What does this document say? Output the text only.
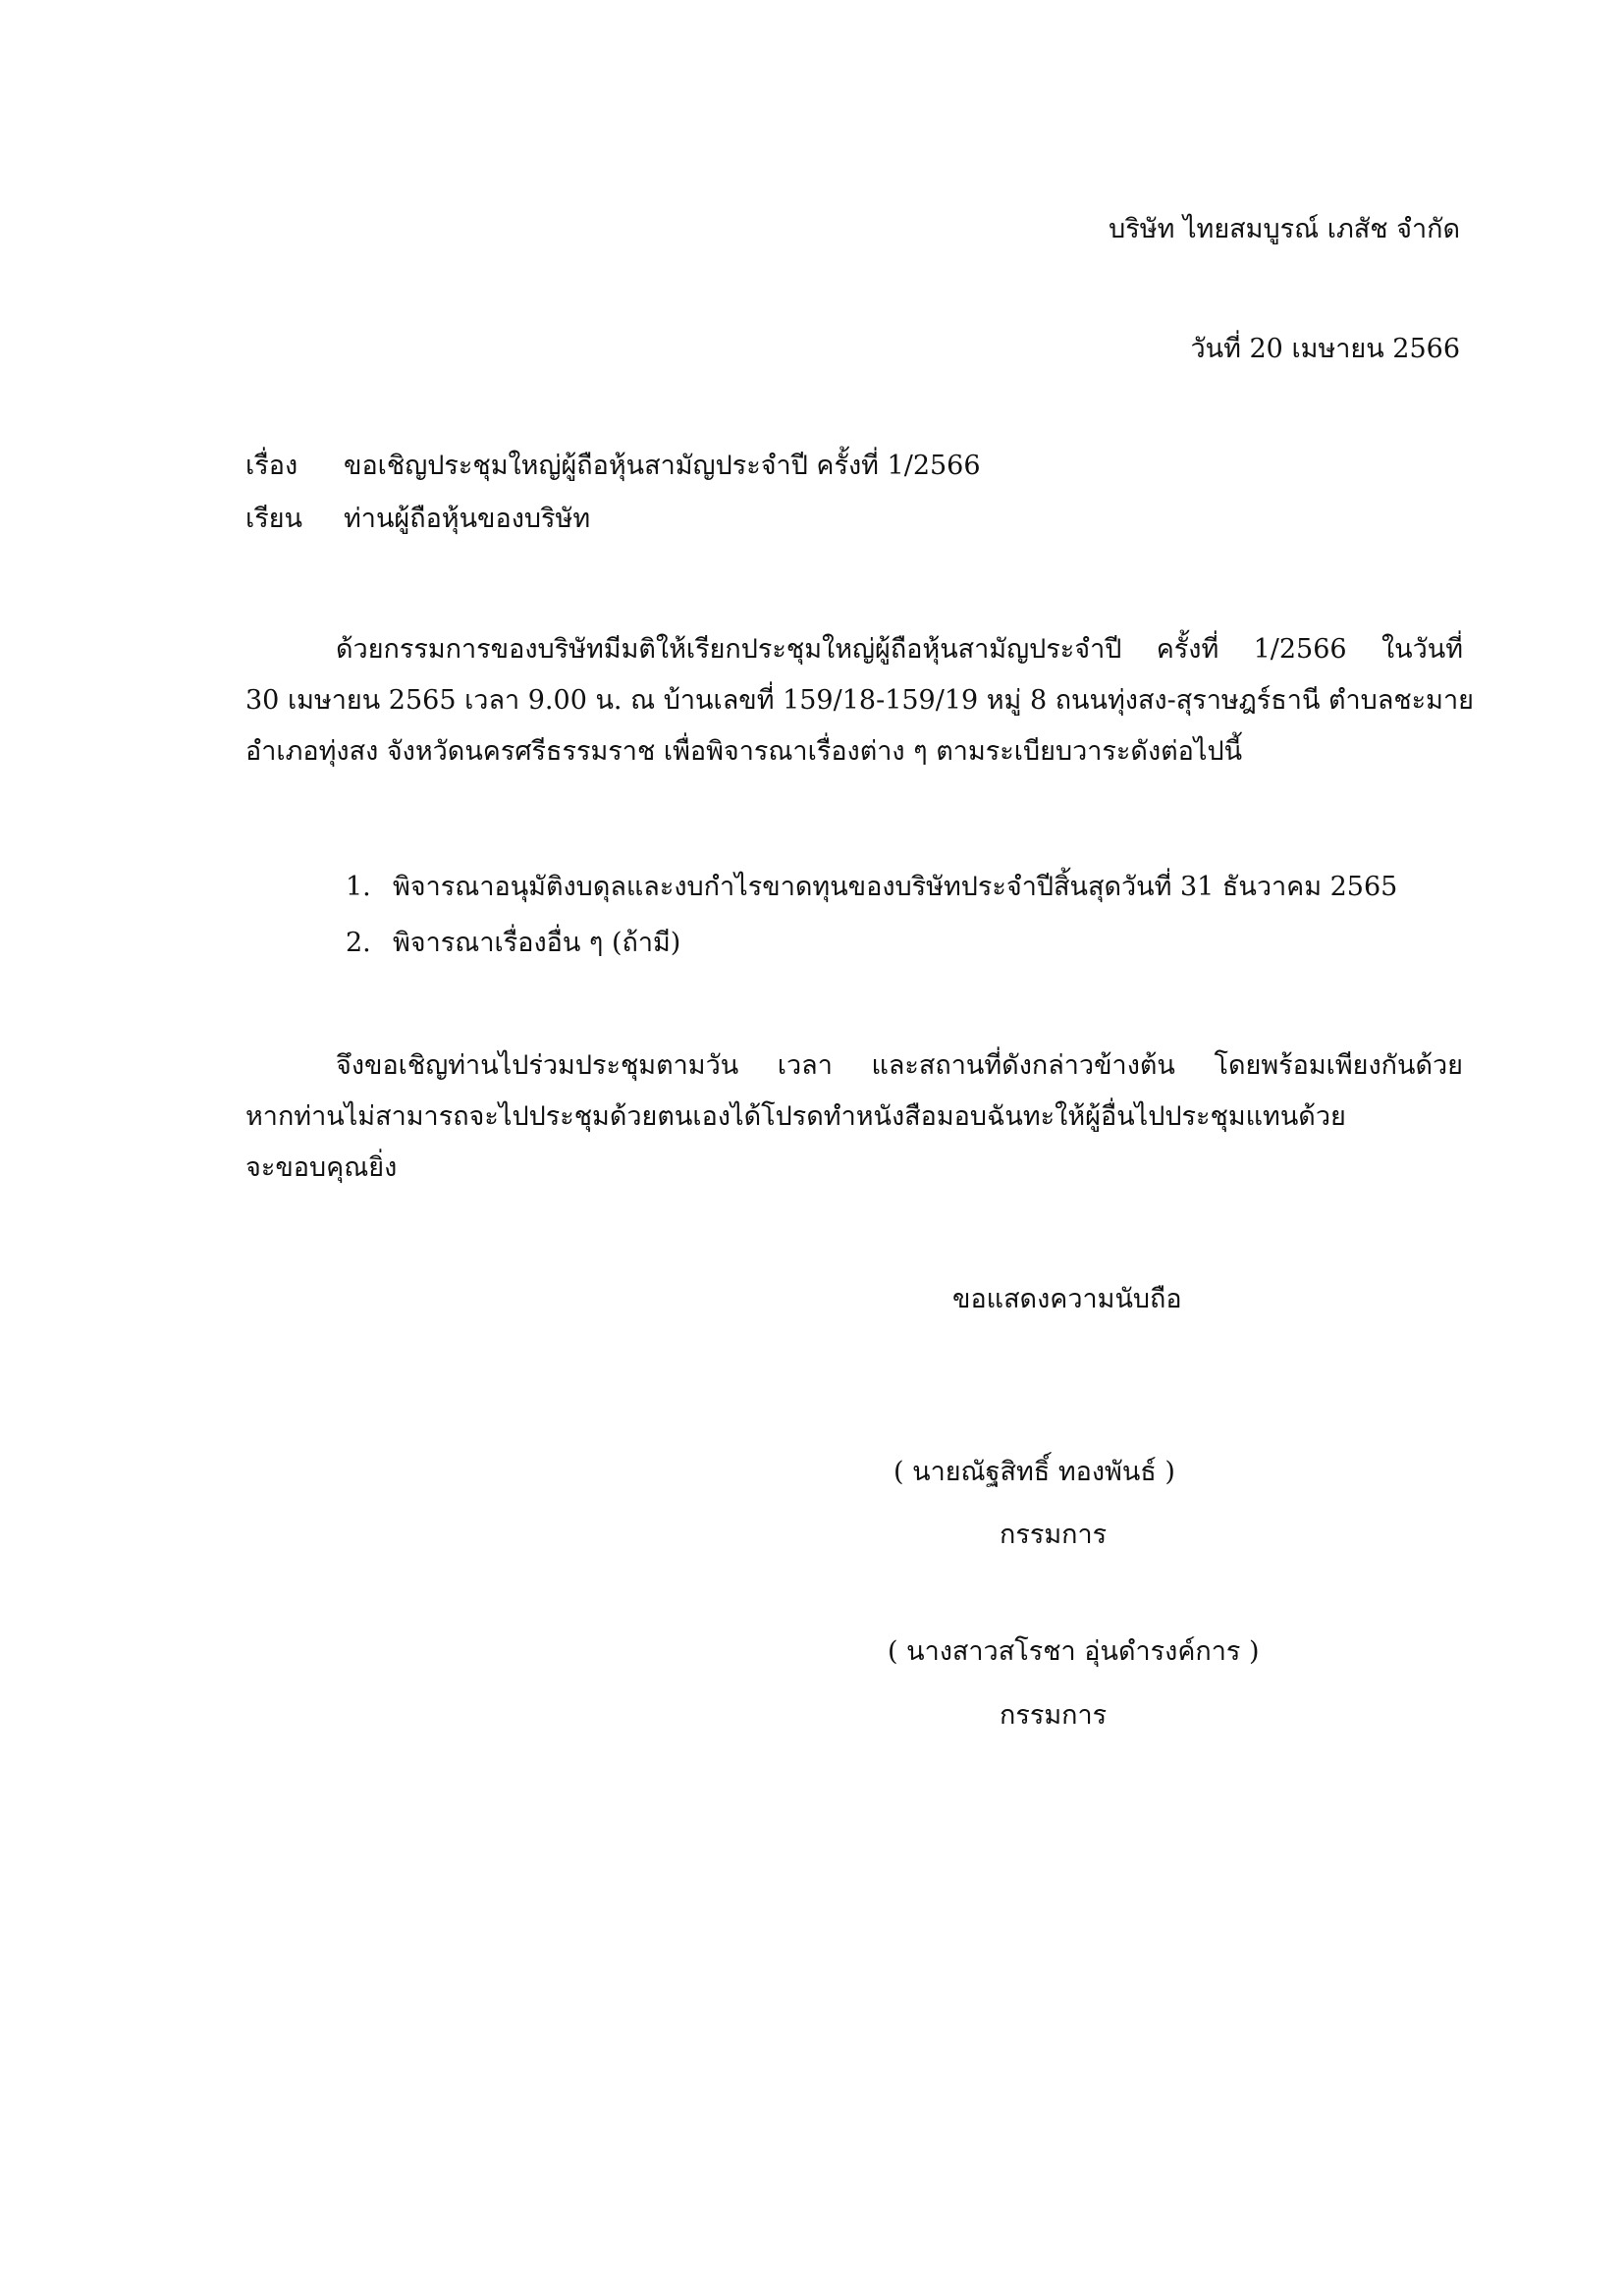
บริษัท ไทยสมบูรณ์ เภสัช จำกัด
วันที่ 20 เมษายน 2566
เรื่อง ขอเชิญประชุมใหญ่ผู้ถือหุ้นสามัญประจำปี ครั้งที่ 1/2566
เรียน ท่านผู้ถือหุ้นของบริษัท

ด้วยกรรมการของบริษัทมีมติให้เรียกประชุมใหญ่ผู้ถือหุ้นสามัญประจำปี ครั้งที่ 1/2566 ในวันที่

30 เมษายน 2565 เวลา 9.00 น. ณ บ้านเลขที่ 159/18-159/19 หมู่ 8 ถนนทุ่งสง-สุราษฎร์ธานี ตำบลชะมาย

อำเภอทุ่งสง จังหวัดนครศรีธรรมราช เพื่อพิจารณาเรื่องต่าง ๆ ตามระเบียบวาระดังต่อไปนี้

1. พิจารณาอนุมัติงบดุลและงบกำไรขาดทุนของบริษัทประจำปีสิ้นสุดวันที่ 31 ธันวาคม 2565
2. พิจารณาเรื่องอื่น ๆ (ถ้ามี)

จึงขอเชิญท่านไปร่วมประชุมตามวัน เวลา และสถานที่ดังกล่าวข้างต้น โดยพร้อมเพียงกันด้วย

หากท่านไม่สามารถจะไปประชุมด้วยตนเองได้โปรดทำหนังสือมอบฉันทะให้ผู้อื่นไปประชุมแทนด้วย

จะขอบคุณยิ่ง

ขอแสดงความนับถือ
( นายณัฐสิทธิ์ ทองพันธ์ )
กรรมการ
( นางสาวสโรชา อุ่นดำรงค์การ )
กรรมการ
